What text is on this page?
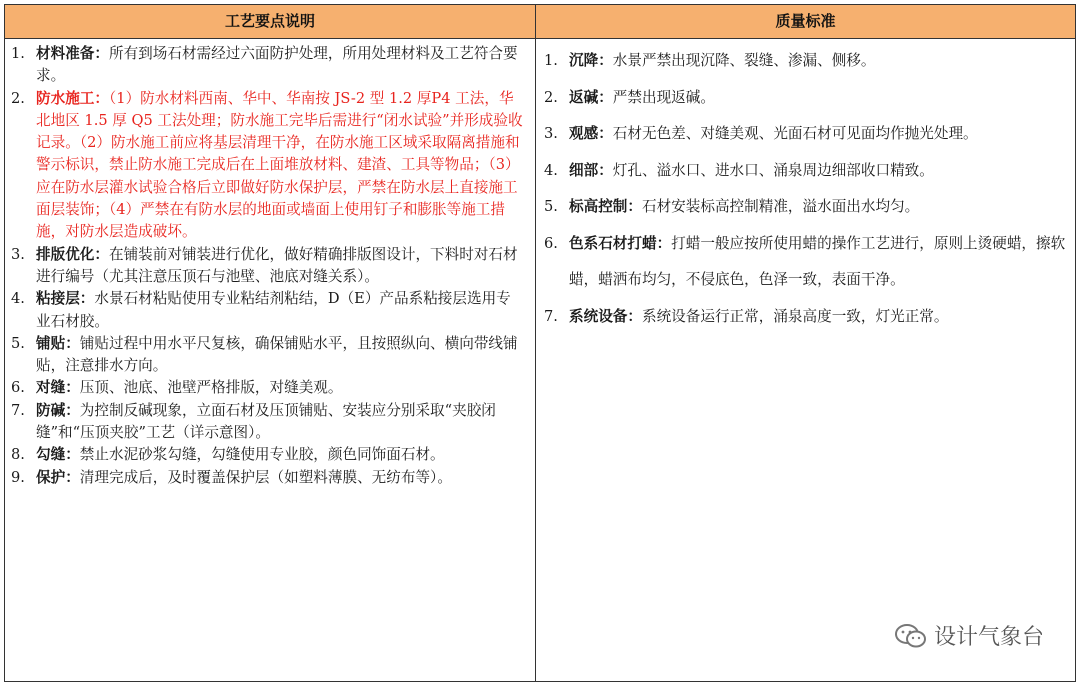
工艺要点说明	质量标准
1. 材料准备：所有到场石材需经过六面防护处理，所用处理材料及工艺符合要求。
2. 防水施工：（1）防水材料西南、华中、华南按 JS-2 型 1.2 厚P4 工法，华北地区 1.5 厚 Q5 工法处理；防水施工完毕后需进行“闭水试验”并形成验收记录。（2）防水施工前应将基层清理干净，在防水施工区域采取隔离措施和警示标识，禁止防水施工完成后在上面堆放材料、建渣、工具等物品；（3）应在防水层灌水试验合格后立即做好防水保护层，严禁在防水层上直接施工面层装饰；（4）严禁在有防水层的地面或墙面上使用钉子和膨胀等施工措施，对防水层造成破坏。
3. 排版优化：在铺装前对铺装进行优化，做好精确排版图设计，下料时对石材进行编号（尤其注意压顶石与池壁、池底对缝关系）。
4. 粘接层：水景石材粘贴使用专业粘结剂粘结，D（E）产品系粘接层选用专业石材胶。
5. 铺贴：铺贴过程中用水平尺复核，确保铺贴水平，且按照纵向、横向带线铺贴，注意排水方向。
6. 对缝：压顶、池底、池壁严格排版，对缝美观。
7. 防碱：为控制反碱现象，立面石材及压顶铺贴、安装应分别采取“夹胶闭缝”和“压顶夹胶”工艺（详示意图）。
8. 勾缝：禁止水泥砂浆勾缝，勾缝使用专业胶，颜色同饰面石材。
9. 保护：清理完成后，及时覆盖保护层（如塑料薄膜、无纺布等）。
1. 沉降：水景严禁出现沉降、裂缝、渗漏、侧移。
2. 返碱：严禁出现返碱。
3. 观感：石材无色差、对缝美观、光面石材可见面均作抛光处理。
4. 细部：灯孔、溢水口、进水口、涌泉周边细部收口精致。
5. 标高控制：石材安装标高控制精准，溢水面出水均匀。
6. 色系石材打蜡：打蜡一般应按所使用蜡的操作工艺进行，原则上烫硬蜡，擦软蜡，蜡洒布均匀，不侵底色，色泽一致，表面干净。
7. 系统设备：系统设备运行正常，涌泉高度一致，灯光正常。
设计气象台
